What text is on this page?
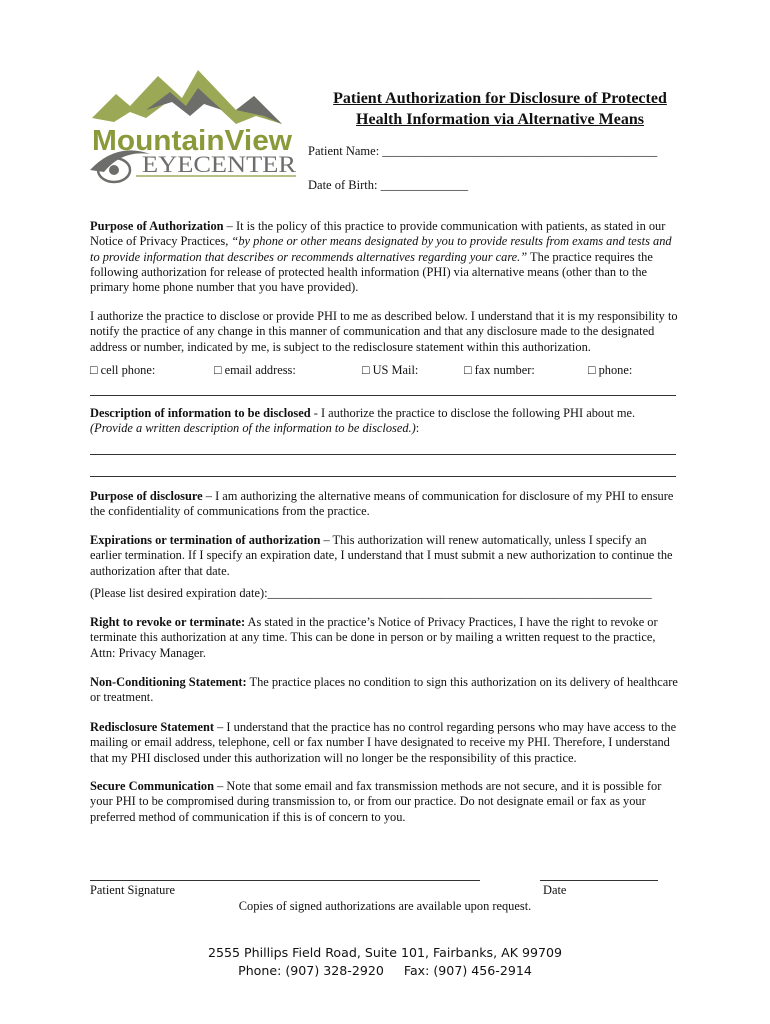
MountainView
EYECENTER
Patient Authorization for Disclosure of Protected
Health Information via Alternative Means
Patient Name: ____________________________________________
Date of Birth: ______________

Purpose of Authorization – It is the policy of this practice to provide communication with patients, as stated in our Notice of Privacy Practices, “by phone or other means designated by you to provide results from exams and tests and to provide information that describes or recommends alternatives regarding your care.” The practice requires the following authorization for release of protected health information (PHI) via alternative means (other than to the primary home phone number that you have provided).

I authorize the practice to disclose or provide PHI to me as described below. I understand that it is my responsibility to notify the practice of any change in this manner of communication and that any disclosure made to the designated address or number, indicated by me, is subject to the redisclosure statement within this authorization.

□ cell phone:	□ email address:	□ US Mail:	□ fax number:	□ phone:

Description of information to be disclosed - I authorize the practice to disclose the following PHI about me.
(Provide a written description of the information to be disclosed.):

Purpose of disclosure – I am authorizing the alternative means of communication for disclosure of my PHI to ensure the confidentiality of communications from the practice.

Expirations or termination of authorization – This authorization will renew automatically, unless I specify an earlier termination. If I specify an expiration date, I understand that I must submit a new authorization to continue the authorization after that date.

(Please list desired expiration date):______________________________________________________________

Right to revoke or terminate: As stated in the practice’s Notice of Privacy Practices, I have the right to revoke or terminate this authorization at any time. This can be done in person or by mailing a written request to the practice, Attn: Privacy Manager.

Non-Conditioning Statement: The practice places no condition to sign this authorization on its delivery of healthcare or treatment.

Redisclosure Statement – I understand that the practice has no control regarding persons who may have access to the mailing or email address, telephone, cell or fax number I have designated to receive my PHI. Therefore, I understand that my PHI disclosed under this authorization will no longer be the responsibility of this practice.

Secure Communication – Note that some email and fax transmission methods are not secure, and it is possible for your PHI to be compromised during transmission to, or from our practice. Do not designate email or fax as your preferred method of communication if this is of concern to you.

Patient Signature	Date
Copies of signed authorizations are available upon request.
2555 Phillips Field Road, Suite 101, Fairbanks, AK 99709
Phone: (907) 328-2920 Fax: (907) 456-2914
